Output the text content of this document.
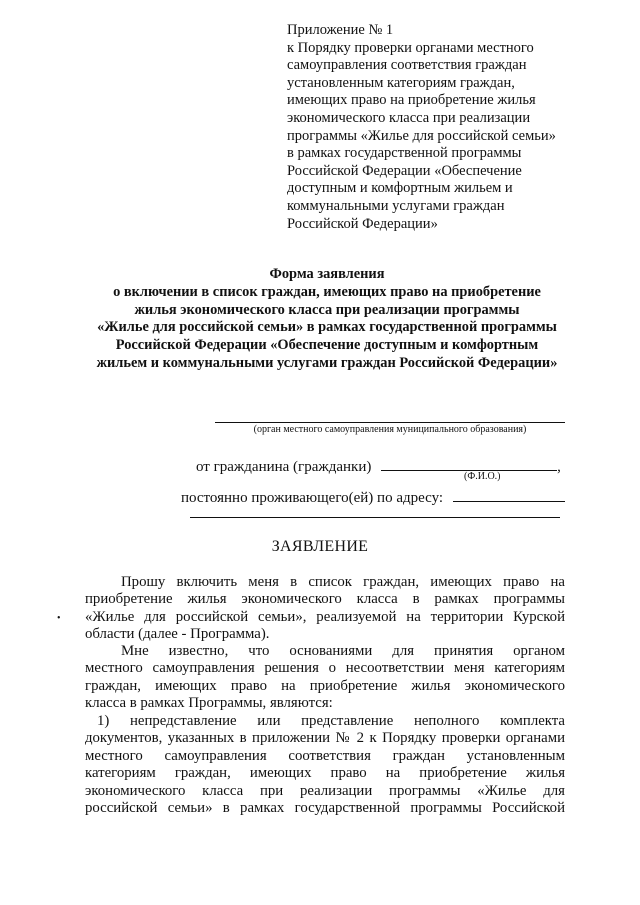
Приложение № 1
к Порядку проверки органами местного
самоуправления соответствия граждан
установленным категориям граждан,
имеющих право на приобретение жилья
экономического класса при реализации
программы «Жилье для российской семьи»
в рамках государственной программы
Российской Федерации «Обеспечение
доступным и комфортным жильем и
коммунальными услугами граждан
Российской Федерации»
Форма заявления
о включении в список граждан, имеющих право на приобретение
жилья экономического класса при реализации программы
«Жилье для российской семьи» в рамках государственной программы
Российской Федерации «Обеспечение доступным и комфортным
жильем и коммунальными услугами граждан Российской Федерации»
(орган местного самоуправления муниципального образования)
от гражданина (гражданки)	,
(Ф.И.О.)
постоянно проживающего(ей) по адресу:
ЗАЯВЛЕНИЕ
•
Прошу включить меня в список граждан, имеющих право на
приобретение жилья экономического класса в рамках программы
«Жилье для российской семьи», реализуемой на территории Курской
области (далее - Программа).
Мне известно, что основаниями для принятия органом
местного самоуправления решения о несоответствии меня категориям
граждан, имеющих право на приобретение жилья экономического
класса в рамках Программы, являются:
1) непредставление или представление неполного комплекта
документов, указанных в приложении № 2 к Порядку проверки органами
местного самоуправления соответствия граждан установленным
категориям граждан, имеющих право на приобретение жилья
экономического класса при реализации программы «Жилье для
российской семьи» в рамках государственной программы Российской
